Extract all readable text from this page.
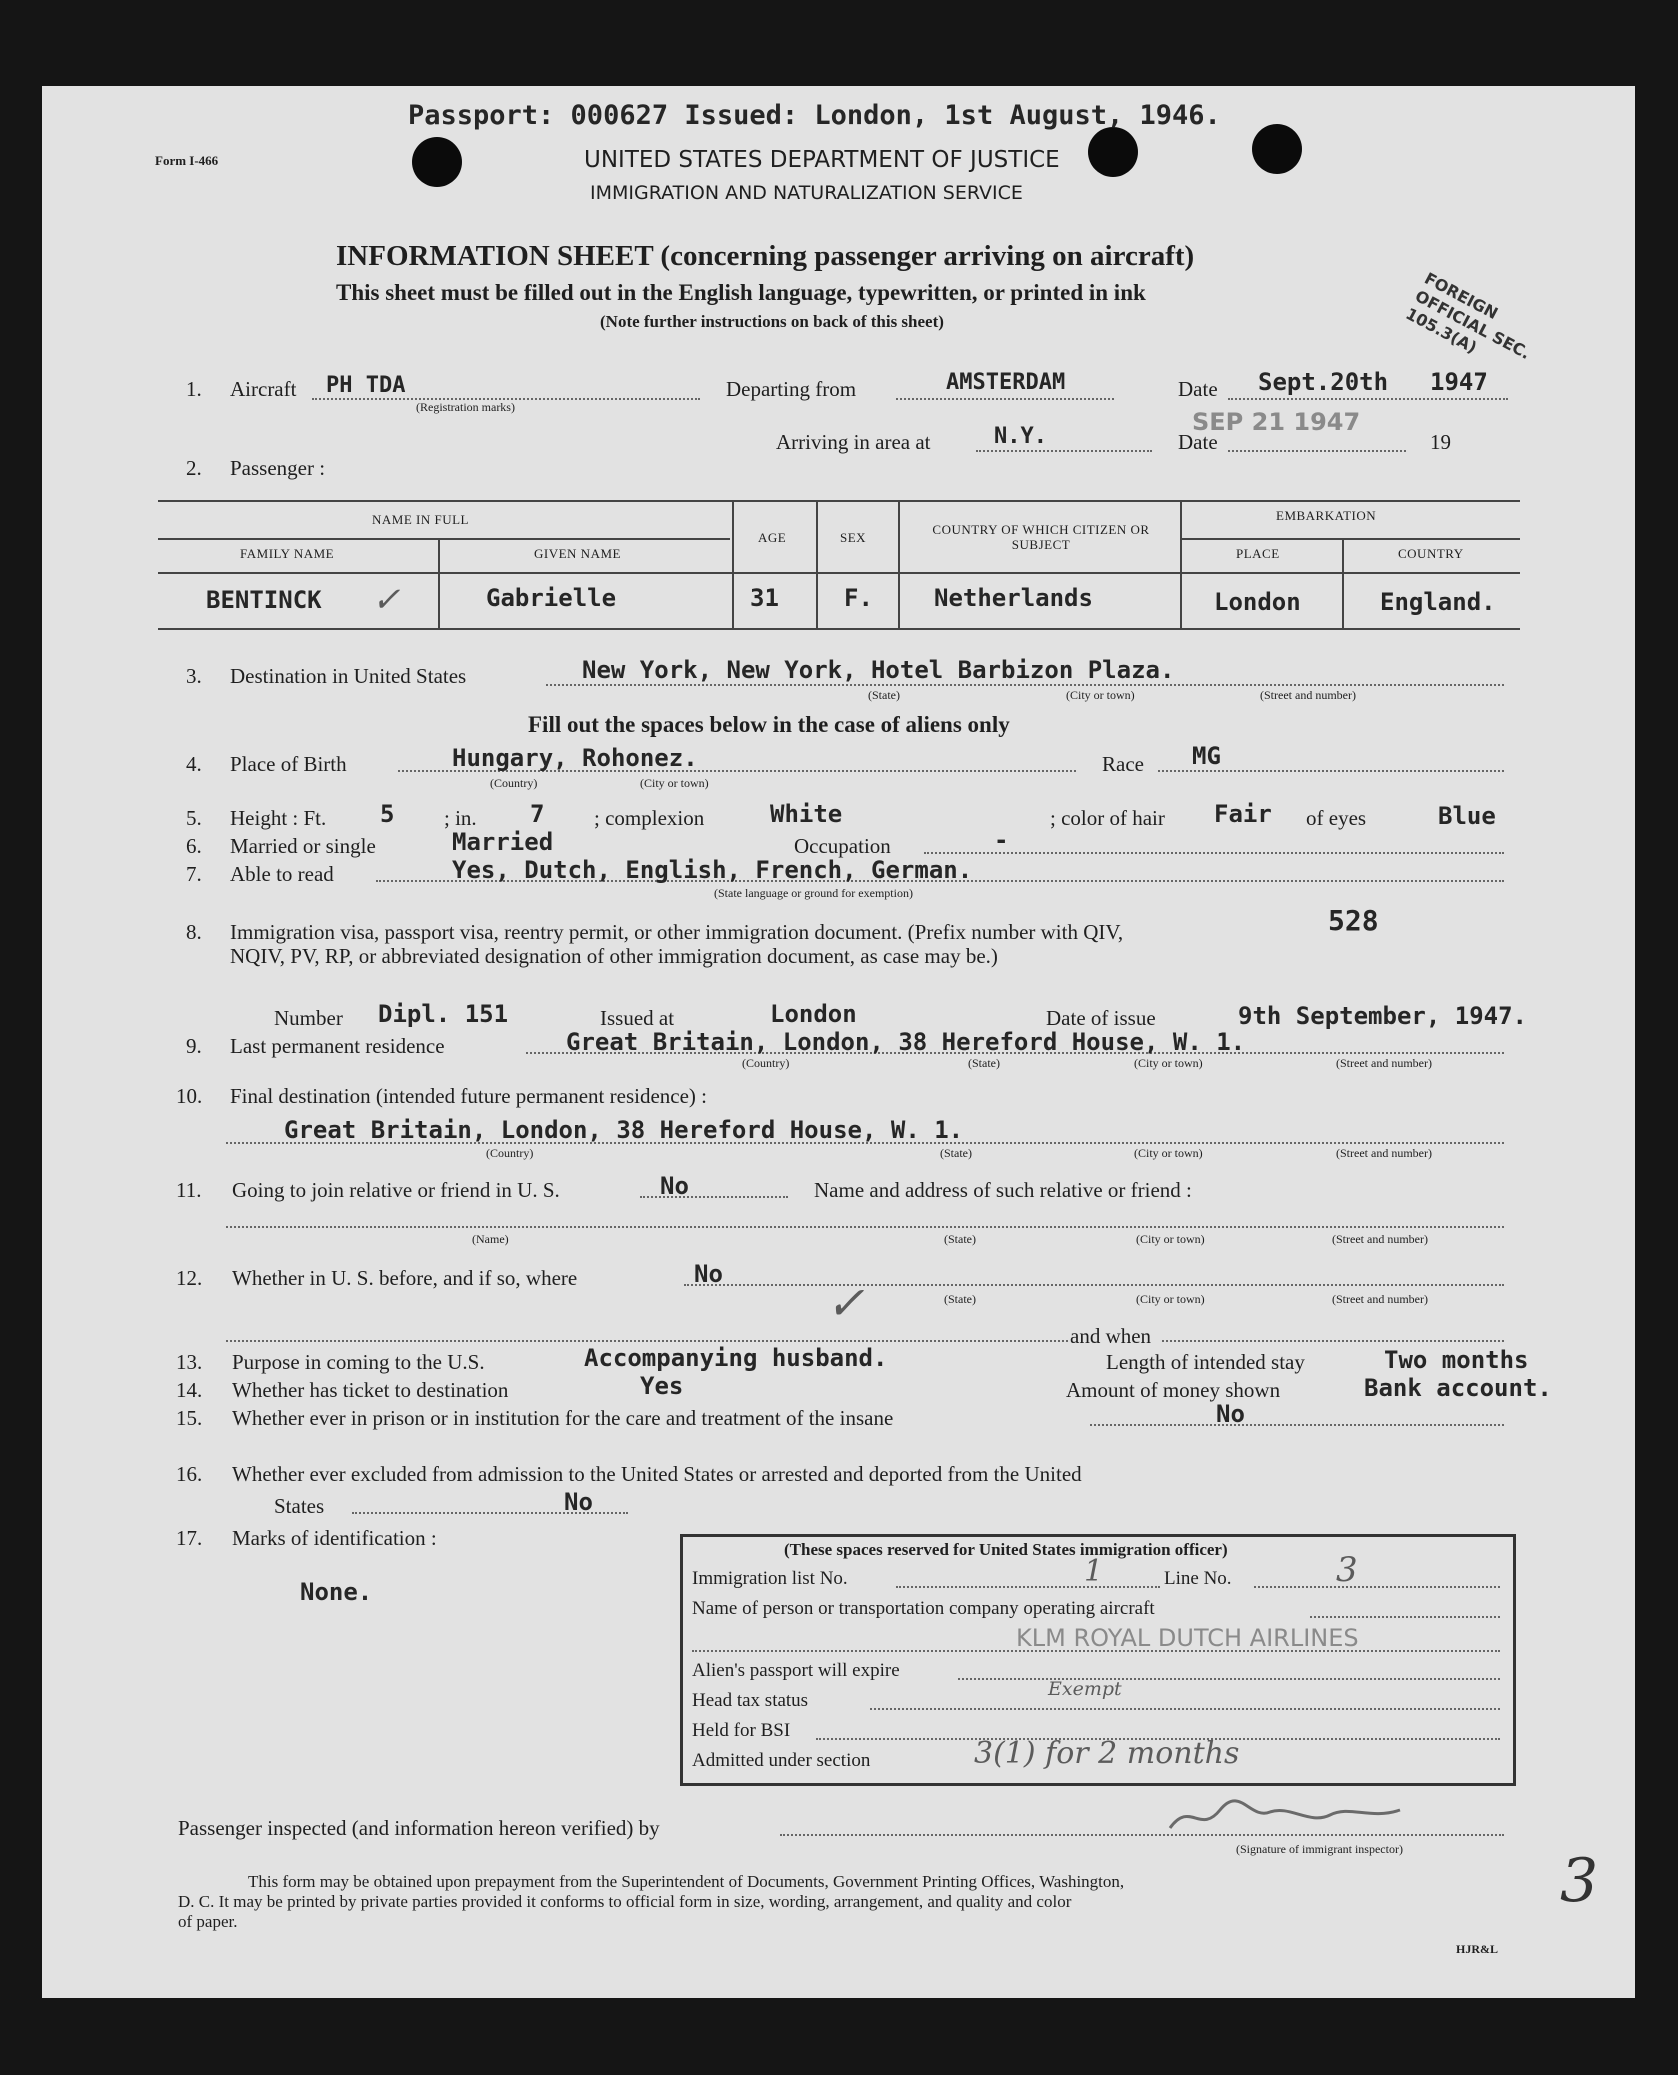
Passport: 000627 Issued: London, 1st August, 1946.
Form I-466	UNITED STATES DEPARTMENT OF JUSTICE
IMMIGRATION AND NATURALIZATION SERVICE
INFORMATION SHEET (concerning passenger arriving on aircraft)
This sheet must be filled out in the English language, typewritten, or printed in ink
(Note further instructions on back of this sheet)	FOREIGN OFFICIAL SEC. 105.3(A)
1. Aircraft PH TDA
(Registration marks)
Departing from	AMSTERDAM	Date Sept.20th 1947
Arriving in area at	N.Y.	Date
SEP 21 1947
19
2. Passenger :
NAME IN FULL
FAMILY NAME	GIVEN NAME
AGE	SEX
COUNTRY OF WHICH CITIZEN OR SUBJECT
EMBARKATION
PLACE	COUNTRY
BENTINCK ✓	Gabrielle	31	F.	Netherlands	London	England.
3. Destination in United States	New York, New York, Hotel Barbizon Plaza.
(State)	(City or town)	(Street and number)
Fill out the spaces below in the case of aliens only
4. Place of Birth	Hungary, Rohonez.
(Country)	(City or town)
Race MG
5. Height : Ft. 5 ; in. 7 ; complexion	White	; color of hair Fair of eyes	Blue
6. Married or single	Married	Occupation	-
7. Able to read	Yes, Dutch, English, French, German.
(State language or ground for exemption)
8. Immigration visa, passport visa, reentry permit, or other immigration document. (Prefix number with QIV,
NQIV, PV, RP, or abbreviated designation of other immigration document, as case may be.)
528
Number Dipl. 151	Issued at	London	Date of issue	9th September, 1947.
9. Last permanent residence	Great Britain, London, 38 Hereford House, W. 1.
(Country)	(State)	(City or town)	(Street and number)
10. Final destination (intended future permanent residence) :
Great Britain, London, 38 Hereford House, W. 1.
(Country)	(State)	(City or town)	(Street and number)
11. Going to join relative or friend in U. S.	No	Name and address of such relative or friend :
(Name)	(State)	(City or town)	(Street and number)
12. Whether in U. S. before, and if so, where	No
(State)	(City or town)	(Street and number)
and when
✓
13. Purpose in coming to the U.S.	Accompanying husband.	Length of intended stay	Two months
14. Whether has ticket to destination	Yes	Amount of money shown	Bank account.
15. Whether ever in prison or in institution for the care and treatment of the insane	No
16. Whether ever excluded from admission to the United States or arrested and deported from the United
States	No
17. Marks of identification :
None.
(These spaces reserved for United States immigration officer)
Immigration list No.	1	Line No.	3
Name of person or transportation company operating aircraft
KLM ROYAL DUTCH AIRLINES
Alien's passport will expire
Head tax status
Exempt
Held for BSI
Admitted under section	3(1) for 2 months
Passenger inspected (and information hereon verified) by
(Signature of immigrant inspector)
This form may be obtained upon prepayment from the Superintendent of Documents, Government Printing Offices, Washington,
D. C. It may be printed by private parties provided it conforms to official form in size, wording, arrangement, and quality and color
of paper.
3
HJR&L
